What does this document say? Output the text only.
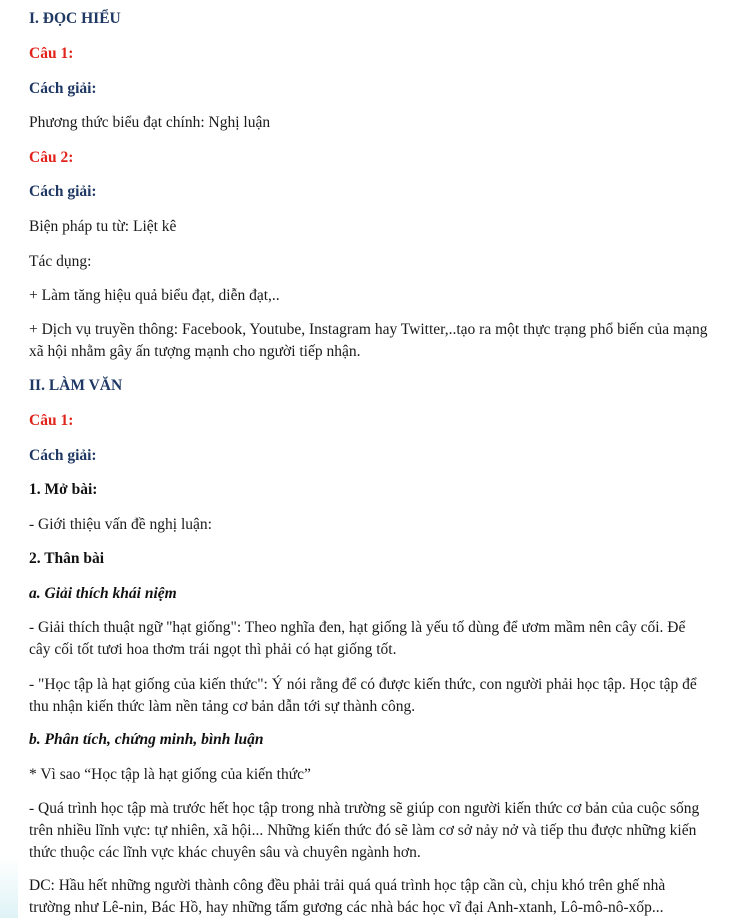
I. ĐỌC HIỂU
Câu 1:
Cách giải:
Phương thức biểu đạt chính: Nghị luận
Câu 2:
Cách giải:
Biện pháp tu từ: Liệt kê
Tác dụng:
+ Làm tăng hiệu quả biểu đạt, diễn đạt,..
+ Dịch vụ truyền thông: Facebook, Youtube, Instagram hay Twitter,..tạo ra một thực trạng phổ biến của mạng
xã hội nhằm gây ấn tượng mạnh cho người tiếp nhận.
II. LÀM VĂN
Câu 1:
Cách giải:
1. Mở bài:
- Giới thiệu vấn đề nghị luận:
2. Thân bài
a. Giải thích khái niệm
- Giải thích thuật ngữ "hạt giống": Theo nghĩa đen, hạt giống là yếu tố dùng để ươm mầm nên cây cối. Để
cây cối tốt tươi hoa thơm trái ngọt thì phải có hạt giống tốt.
- "Học tập là hạt giống của kiến thức": Ý nói rằng để có được kiến thức, con người phải học tập. Học tập để
thu nhận kiến thức làm nền tảng cơ bản dẫn tới sự thành công.
b. Phân tích, chứng minh, bình luận
* Vì sao “Học tập là hạt giống của kiến thức”
- Quá trình học tập mà trước hết học tập trong nhà trường sẽ giúp con người kiến thức cơ bản của cuộc sống
trên nhiều lĩnh vực: tự nhiên, xã hội... Những kiến thức đó sẽ làm cơ sở nảy nở và tiếp thu được những kiến
thức thuộc các lĩnh vực khác chuyên sâu và chuyên ngành hơn.
DC: Hầu hết những người thành công đều phải trải quá quá trình học tập cần cù, chịu khó trên ghế nhà
trường như Lê-nin, Bác Hồ, hay những tấm gương các nhà bác học vĩ đại Anh-xtanh, Lô-mô-nô-xốp...
